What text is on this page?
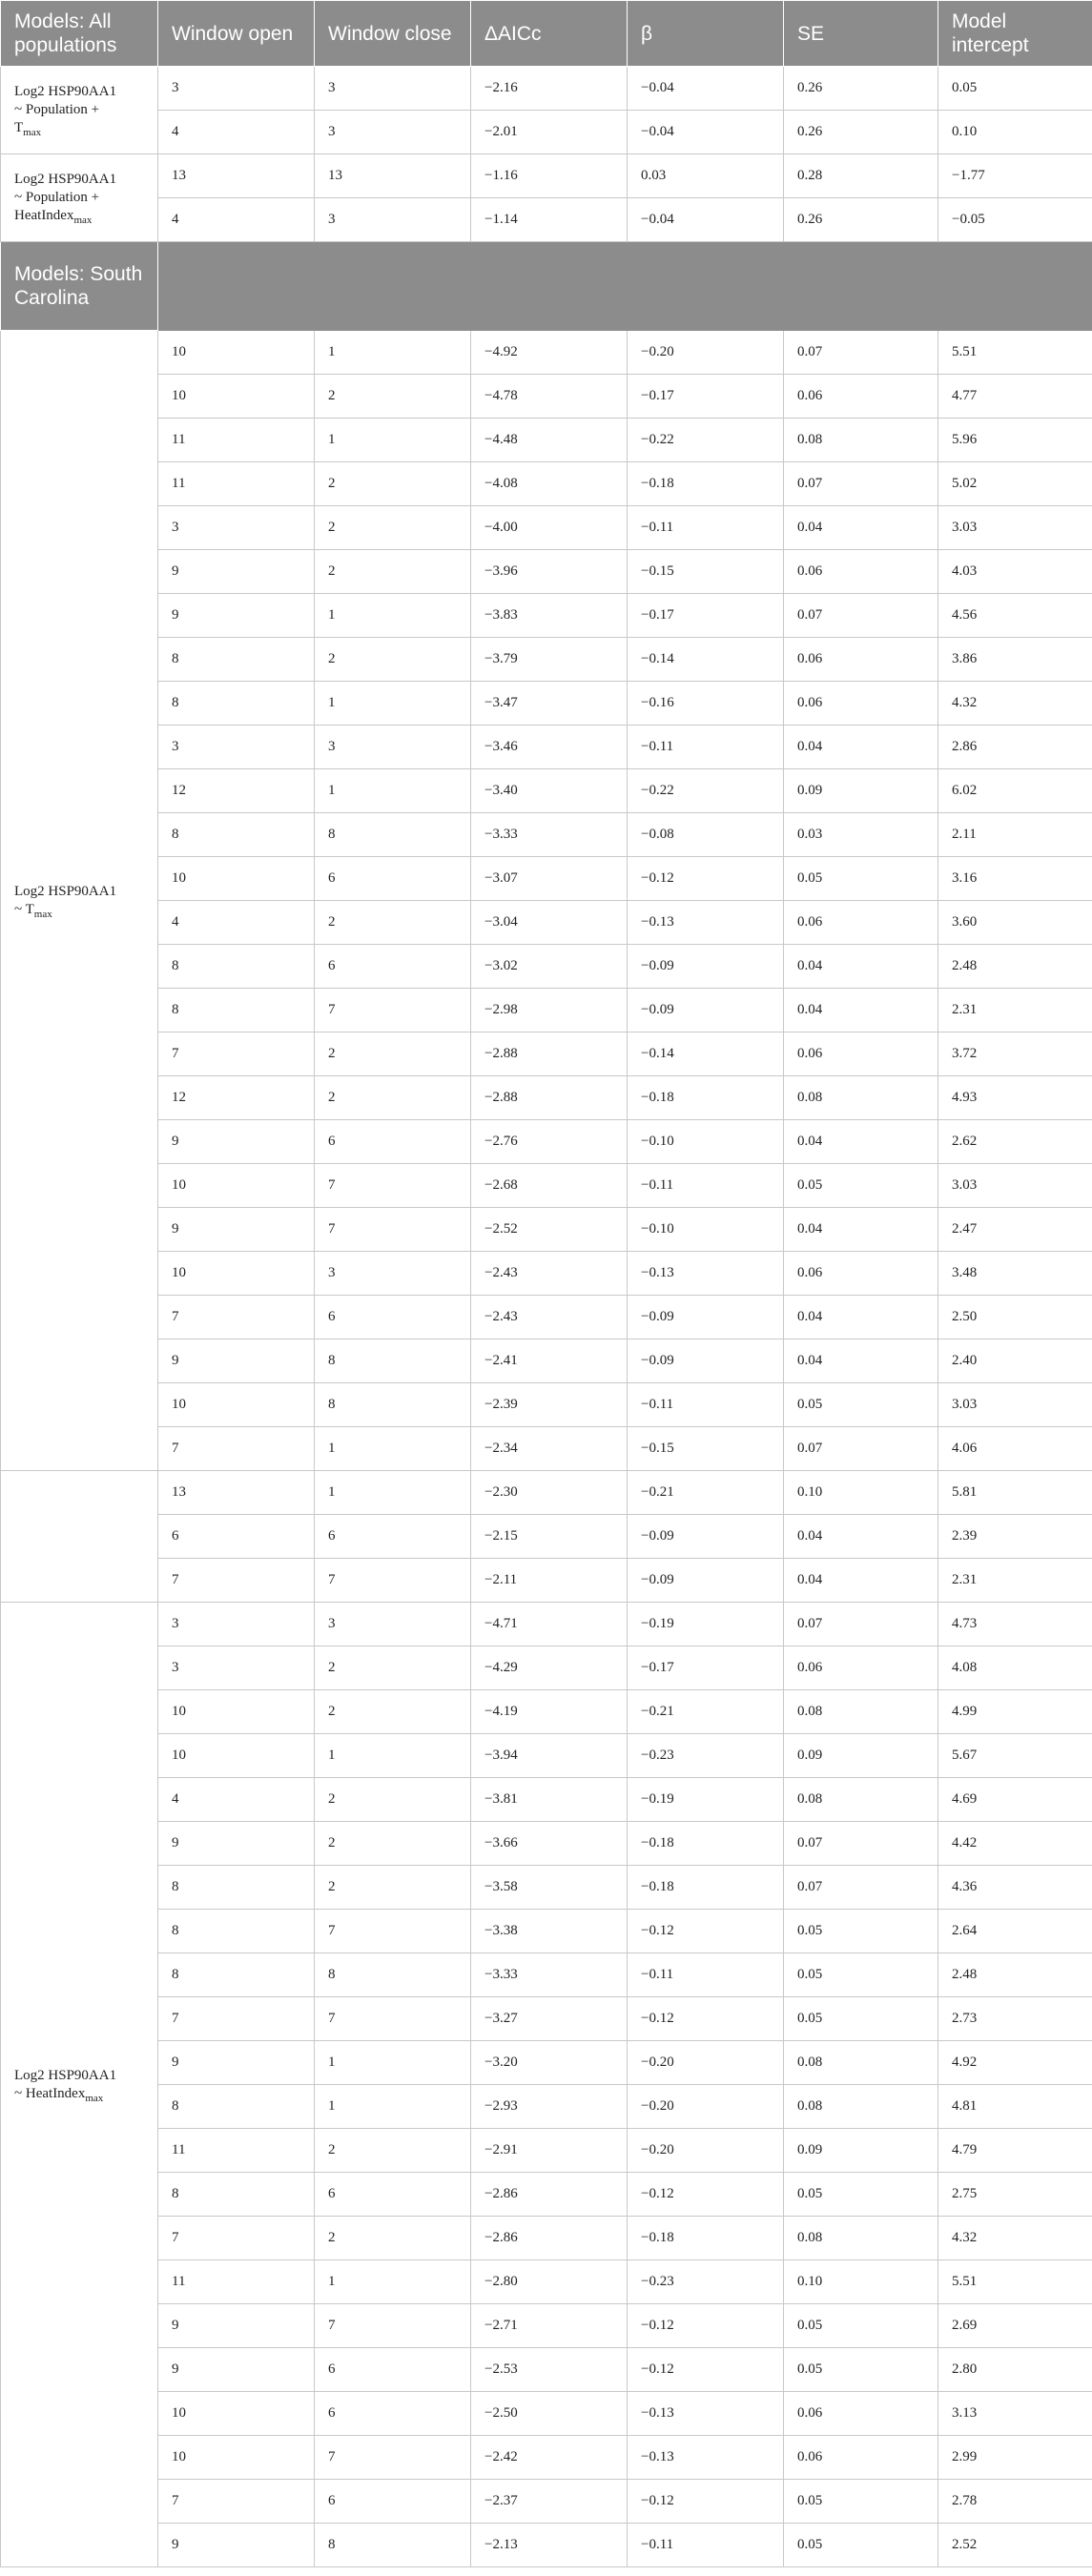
Models: All populations	Window open	Window close	ΔAICc	β	SE	Model intercept
Log2 HSP90AA1
~ Population +
$T_{max}$	3	3	−2.16	−0.04	0.26	0.05
	4	3	−2.01	−0.04	0.26	0.10
Log2 HSP90AA1
~ Population +
HeatIndex$_{max}$	13	13	−1.16	0.03	0.28	−1.77
	4	3	−1.14	−0.04	0.26	−0.05
Models: South Carolina						
Log2 HSP90AA1
~ $T_{max}$	10	1	−4.92	−0.20	0.07	5.51
	10	2	−4.78	−0.17	0.06	4.77
	11	1	−4.48	−0.22	0.08	5.96
	11	2	−4.08	−0.18	0.07	5.02
	3	2	−4.00	−0.11	0.04	3.03
	9	2	−3.96	−0.15	0.06	4.03
	9	1	−3.83	−0.17	0.07	4.56
	8	2	−3.79	−0.14	0.06	3.86
	8	1	−3.47	−0.16	0.06	4.32
	3	3	−3.46	−0.11	0.04	2.86
	12	1	−3.40	−0.22	0.09	6.02
	8	8	−3.33	−0.08	0.03	2.11
	10	6	−3.07	−0.12	0.05	3.16
	4	2	−3.04	−0.13	0.06	3.60
	8	6	−3.02	−0.09	0.04	2.48
	8	7	−2.98	−0.09	0.04	2.31
	7	2	−2.88	−0.14	0.06	3.72
	12	2	−2.88	−0.18	0.08	4.93
	9	6	−2.76	−0.10	0.04	2.62
	10	7	−2.68	−0.11	0.05	3.03
	9	7	−2.52	−0.10	0.04	2.47
	10	3	−2.43	−0.13	0.06	3.48
	7	6	−2.43	−0.09	0.04	2.50
	9	8	−2.41	−0.09	0.04	2.40
	10	8	−2.39	−0.11	0.05	3.03
	7	1	−2.34	−0.15	0.07	4.06

	13	1	−2.30	−0.21	0.10	5.81
	6	6	−2.15	−0.09	0.04	2.39
	7	7	−2.11	−0.09	0.04	2.31
Log2 HSP90AA1
~ HeatIndex$_{max}$	3	3	−4.71	−0.19	0.07	4.73
	3	2	−4.29	−0.17	0.06	4.08
	10	2	−4.19	−0.21	0.08	4.99
	10	1	−3.94	−0.23	0.09	5.67
	4	2	−3.81	−0.19	0.08	4.69
	9	2	−3.66	−0.18	0.07	4.42
	8	2	−3.58	−0.18	0.07	4.36
	8	7	−3.38	−0.12	0.05	2.64
	8	8	−3.33	−0.11	0.05	2.48
	7	7	−3.27	−0.12	0.05	2.73
	9	1	−3.20	−0.20	0.08	4.92
	8	1	−2.93	−0.20	0.08	4.81
	11	2	−2.91	−0.20	0.09	4.79
	8	6	−2.86	−0.12	0.05	2.75
	7	2	−2.86	−0.18	0.08	4.32
	11	1	−2.80	−0.23	0.10	5.51
	9	7	−2.71	−0.12	0.05	2.69
	9	6	−2.53	−0.12	0.05	2.80
	10	6	−2.50	−0.13	0.06	3.13
	10	7	−2.42	−0.13	0.06	2.99
	7	6	−2.37	−0.12	0.05	2.78
	9	8	−2.13	−0.11	0.05	2.52
